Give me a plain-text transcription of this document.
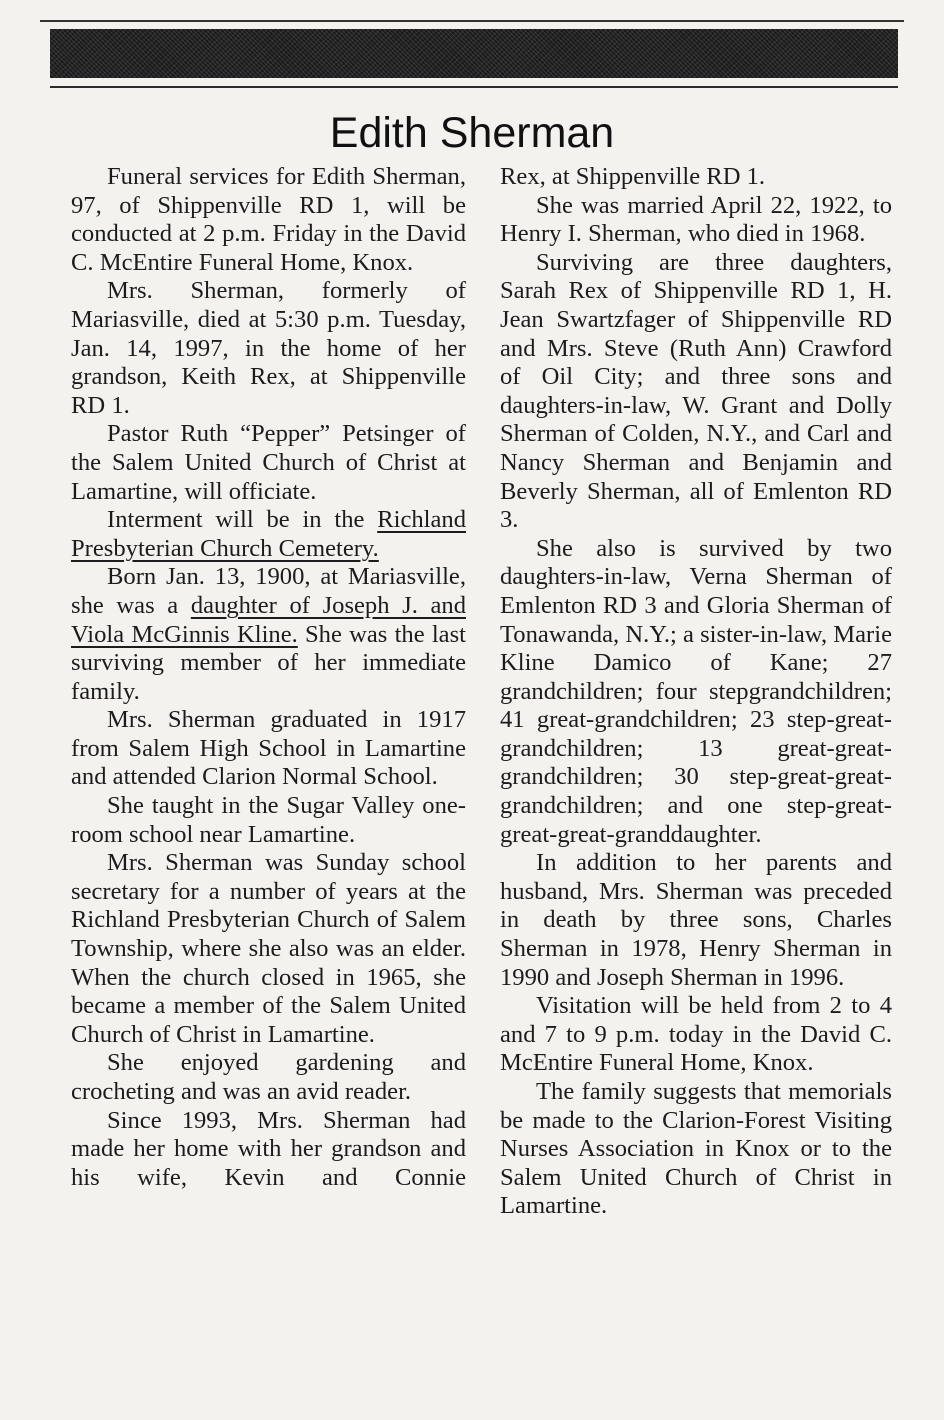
Edith Sherman

Funeral services for Edith Sherman, 97, of Shippenville RD 1, will be conducted at 2 p.m. Friday in the David C. McEntire Funeral Home, Knox.

Mrs. Sherman, formerly of Mariasville, died at 5:30 p.m. Tuesday, Jan. 14, 1997, in the home of her grandson, Keith Rex, at Shippenville RD 1.

Pastor Ruth “Pepper” Petsinger of the Salem United Church of Christ at Lamartine, will officiate.

Interment will be in the Richland Presbyterian Church Cemetery.

Born Jan. 13, 1900, at Mariasville, she was a daughter of Joseph J. and Viola McGinnis Kline. She was the last surviving member of her immediate family.

Mrs. Sherman graduated in 1917 from Salem High School in Lamartine and attended Clarion Normal School.

She taught in the Sugar Valley one-room school near Lamartine.

Mrs. Sherman was Sunday school secretary for a number of years at the Richland Presbyterian Church of Salem Township, where she also was an elder. When the church closed in 1965, she became a member of the Salem United Church of Christ in Lamartine.

She enjoyed gardening and crocheting and was an avid reader.

Since 1993, Mrs. Sherman had made her home with her grandson and his wife, Kevin and Connie

Rex, at Shippenville RD 1.

She was married April 22, 1922, to Henry I. Sherman, who died in 1968.

Surviving are three daughters, Sarah Rex of Shippenville RD 1, H. Jean Swartzfager of Shippenville RD and Mrs. Steve (Ruth Ann) Crawford of Oil City; and three sons and daughters-in-law, W. Grant and Dolly Sherman of Colden, N.Y., and Carl and Nancy Sherman and Benjamin and Beverly Sherman, all of Emlenton RD 3.

She also is survived by two daughters-in-law, Verna Sherman of Emlenton RD 3 and Gloria Sherman of Tonawanda, N.Y.; a sister-in-law, Marie Kline Damico of Kane; 27 grandchildren; four stepgrandchildren; 41 great-grandchildren; 23 step-great-grandchildren; 13 great-great-grandchildren; 30 step-great-great-grandchildren; and one step-great-great-great-granddaughter.

In addition to her parents and husband, Mrs. Sherman was preceded in death by three sons, Charles Sherman in 1978, Henry Sherman in 1990 and Joseph Sherman in 1996.

Visitation will be held from 2 to 4 and 7 to 9 p.m. today in the David C. McEntire Funeral Home, Knox.

The family suggests that memorials be made to the Clarion-Forest Visiting Nurses Association in Knox or to the Salem United Church of Christ in Lamartine.
